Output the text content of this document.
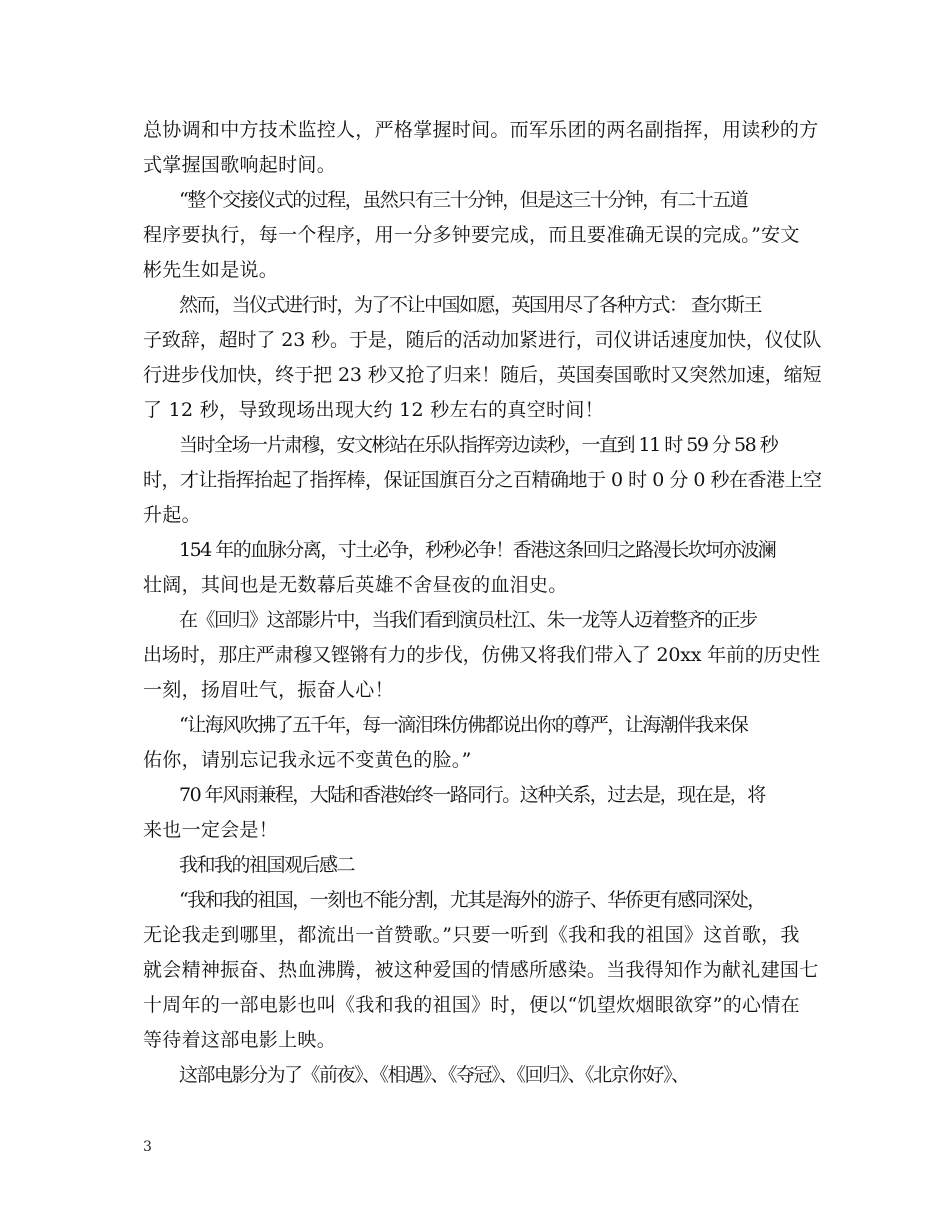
总协调和中方技术监控人，严格掌握时间。而军乐团的两名副指挥，用读秒的方
式掌握国歌响起时间。
“整个交接仪式的过程，虽然只有三十分钟，但是这三十分钟，有二十五道
程序要执行，每一个程序，用一分多钟要完成，而且要准确无误的完成。”安文
彬先生如是说。
然而，当仪式进行时，为了不让中国如愿，英国用尽了各种方式： 查尔斯王
子致辞，超时了 23 秒。于是，随后的活动加紧进行，司仪讲话速度加快，仪仗队
行进步伐加快，终于把 23 秒又抢了归来！随后，英国奏国歌时又突然加速，缩短
了 12 秒，导致现场出现大约 12 秒左右的真空时间！
当时全场一片肃穆，安文彬站在乐队指挥旁边读秒，一直到 11 时 59 分 58 秒
时，才让指挥抬起了指挥棒，保证国旗百分之百精确地于 0 时 0 分 0 秒在香港上空
升起。
154 年的血脉分离，寸土必争，秒秒必争！香港这条回归之路漫长坎坷亦波澜
壮阔，其间也是无数幕后英雄不舍昼夜的血泪史。
在《回归》这部影片中，当我们看到演员杜江、朱一龙等人迈着整齐的正步
出场时，那庄严肃穆又铿锵有力的步伐，仿佛又将我们带入了 20xx 年前的历史性
一刻，扬眉吐气，振奋人心！
“让海风吹拂了五千年，每一滴泪珠仿佛都说出你的尊严，让海潮伴我来保
佑你，请别忘记我永远不变黄色的脸。”
70 年风雨兼程，大陆和香港始终一路同行。这种关系，过去是，现在是，将
来也一定会是！
我和我的祖国观后感二
“我和我的祖国，一刻也不能分割，尤其是海外的游子、华侨更有感同深处，
无论我走到哪里，都流出一首赞歌。”只要一听到《我和我的祖国》这首歌，我
就会精神振奋、热血沸腾，被这种爱国的情感所感染。当我得知作为献礼建国七
十周年的一部电影也叫《我和我的祖国》时，便以“饥望炊烟眼欲穿”的心情在
等待着这部电影上映。
这部电影分为了《前夜》、《相遇》、《夺冠》、《回归》、《北京你好》、
3
